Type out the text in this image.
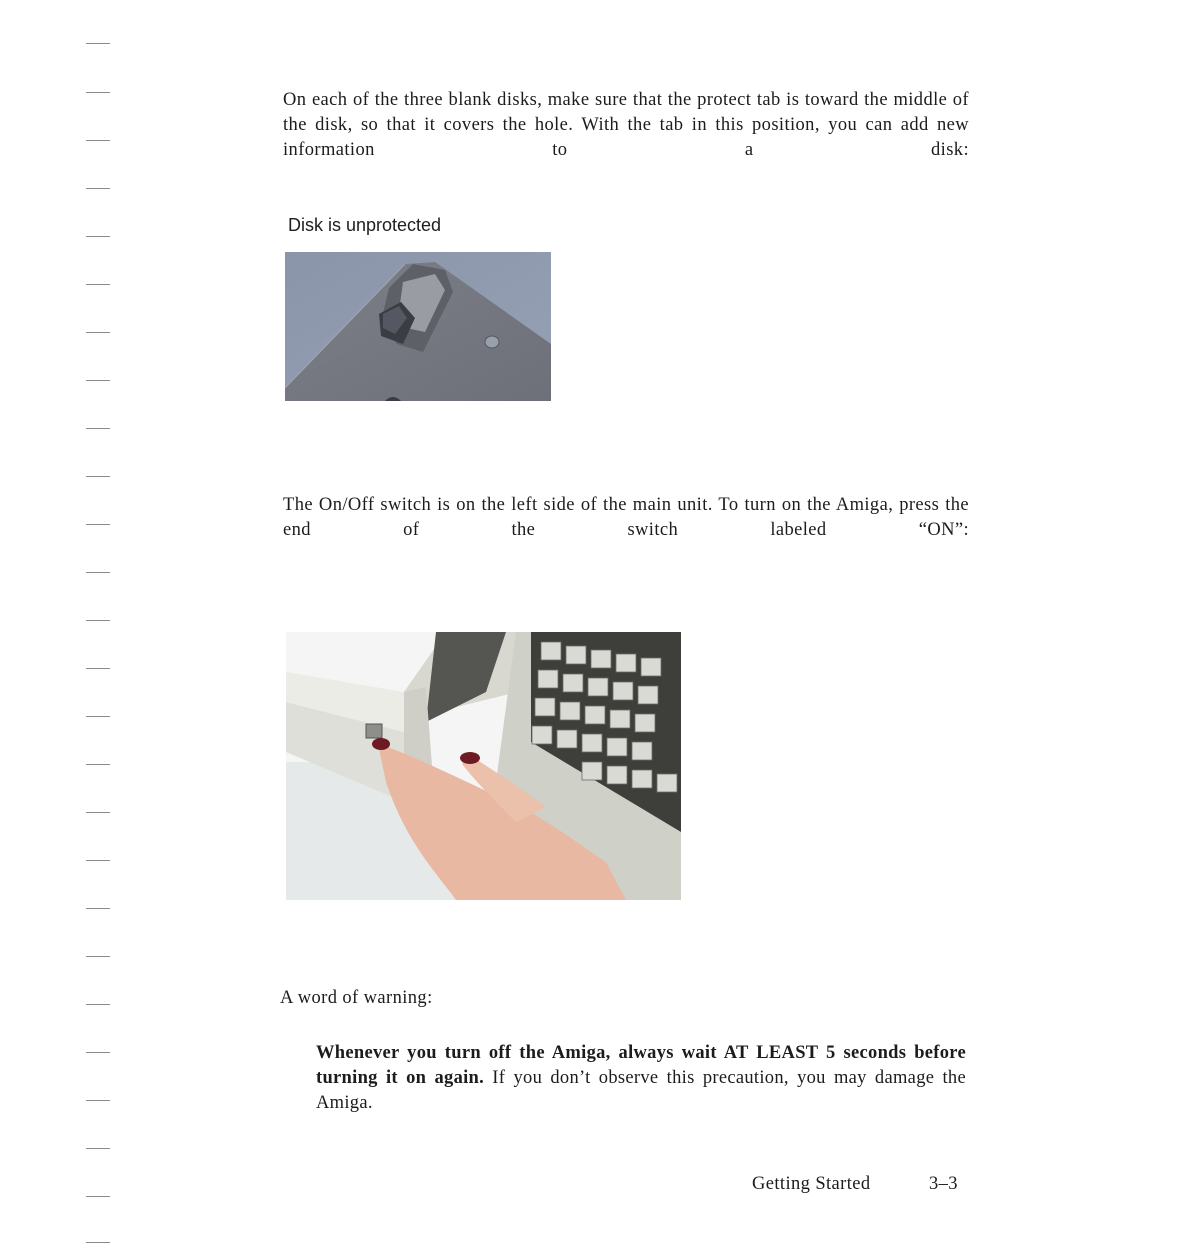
On each of the three blank disks, make sure that the protect tab is toward the middle of the disk, so that it covers the hole. With the tab in this position, you can add new information to a disk:

Disk is unprotected

The On/Off switch is on the left side of the main unit. To turn on the Amiga, press the end of the switch labeled “ON”:

A word of warning:

Whenever you turn off the Amiga, always wait AT LEAST 5 seconds before turning it on again. If you don’t observe this precaution, you may damage the Amiga.

Getting Started	3–3
